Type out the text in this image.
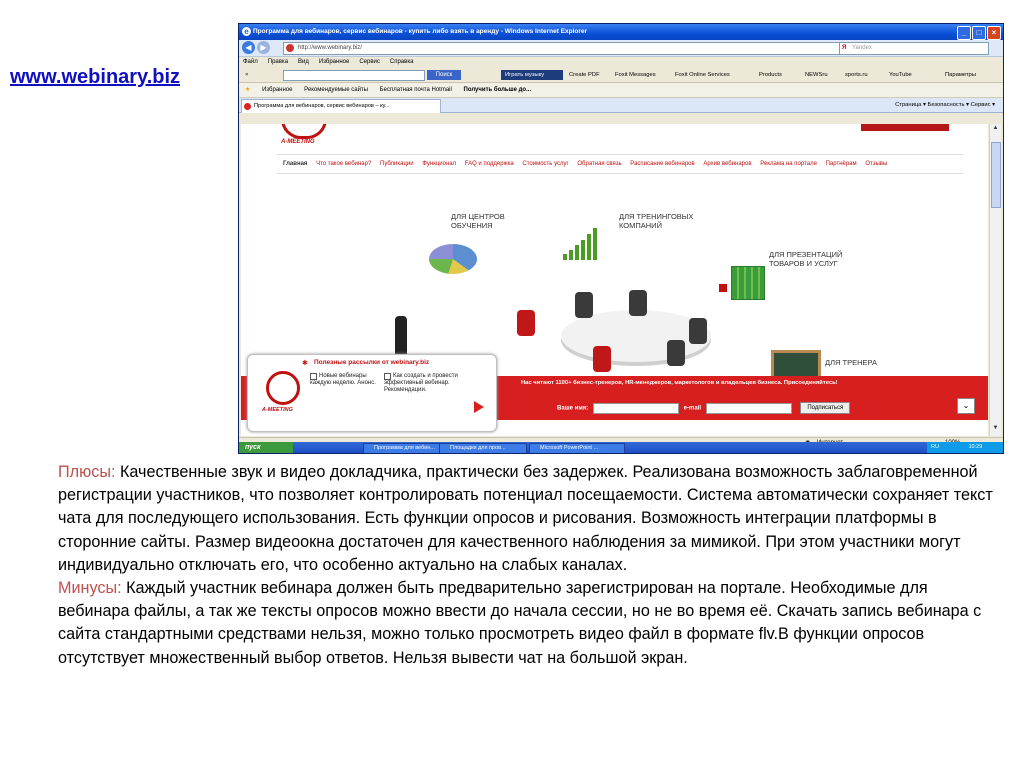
www.webinary.biz
e Программа для вебинаров, сервис вебинаров - купить либо взять в аренду - Windows Internet Explorer	_	□	×
◀	▶	http://www.webinary.biz/	Я Yandex
Файл Правка Вид Избранное Сервис Справка
×	Поиск	Играть музыку	Create PDF	Foxit Messages	Foxit Online Services	Products	NEWSru	sports.ru	YouTube	Параметры
★ Избранное Рекомендуемые сайты Бесплатная почта Hotmail Получить больше до...
Программа для вебинаров, сервис вебинаров – ку...	Страница ▾ Безопасность ▾ Сервис ▾
A-MEETING
Главная Что такое вебинар? Публикации Функционал FAQ и поддержка Стоимость услуг Обратная связь Расписание вебинаров Архив вебинаров Реклама на портале Партнёрам Отзывы
ДЛЯ ЦЕНТРОВ
ОБУЧЕНИЯ
ДЛЯ ТРЕНИНГОВЫХ
КОМПАНИЙ
ДЛЯ ПРЕЗЕНТАЦИЙ
ТОВАРОВ И УСЛУГ
ДЛЯ ТРЕНЕРА
Нас читают 1100+ бизнес-тренеров, HR-менеджеров, маркетологов и владельцев бизнеса. Присоединяйтесь!
Ваше имя:	e-mail	Подписаться
✱ Полезные рассылки от webinary.biz
A-MEETING
Новые вебинары каждую неделю. Анонс.
Как создать и провести эффективный вебинар. Рекомендации.
⌄
▲
▼
пуск	Программа для вебин...	Площадки для пров...	Microsoft PowerPoint ...	RU	10:29
Плюсы: Качественные звук и видео докладчика, практически без задержек. Реализована возможность заблаговременной регистрации участников, что позволяет контролировать потенциал посещаемости. Система автоматически сохраняет текст чата для последующего использования. Есть функции опросов и рисования. Возможность интеграции платформы в сторонние сайты. Размер видеоокна достаточен для качественного наблюдения за мимикой. При этом участники могут индивидуально отключать его, что особенно актуально на слабых каналах.
Минусы: Каждый участник вебинара должен быть предварительно зарегистрирован на портале. Необходимые для вебинара файлы, а так же тексты опросов можно ввести до начала сессии, но не во время её. Скачать запись вебинара с сайта стандартными средствами нельзя, можно только просмотреть видео файл в формате flv.В функции опросов отсутствует множественный выбор ответов. Нельзя вывести чат на большой экран.
